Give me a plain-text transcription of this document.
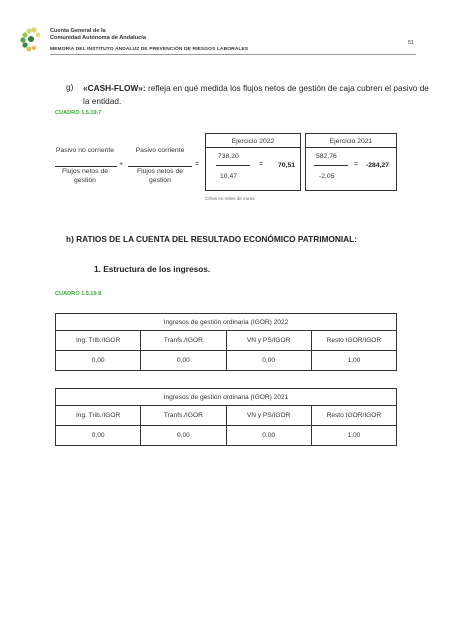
Cuenta General de la
Comunidad Autónoma de Andalucía
51
MEMORIA DEL INSTITUTO ANDALUZ DE PREVENCIÓN DE RIESGOS LABORALES
g) «CASH-FLOW»: refleja en qué medida los flujos netos de gestión de caja cubren el pasivo de la entidad.
CUADRO 1.5.19.7
Pasivo no corriente
Flujos netos de gestión
+
Pasivo corriente
Flujos netos de gestión
=
Ejercicio 2022	Ejercicio 2021
738,20
10,47
= 70,51
582,76
-2,05
= -284,27
Cifras en miles de euros
h) RATIOS DE LA CUENTA DEL RESULTADO ECONÓMICO PATRIMONIAL:
1. Estructura de los ingresos.
CUADRO 1.5.19.8
Ingresos de gestión ordinaria (IGOR) 2022			
Ing. Trib./IGOR	Tranfs./IGOR	VN y PS/IGOR	Resto IGOR/IGOR
0,00	0,00	0,00	1,00
Ingresos de gestión ordinaria (IGOR) 2021			
Ing. Trib./IGOR	Tranfs./IGOR	VN y PS/IGOR	Resto IGOR/IGOR
0,00	0,00	0,00	1,00
